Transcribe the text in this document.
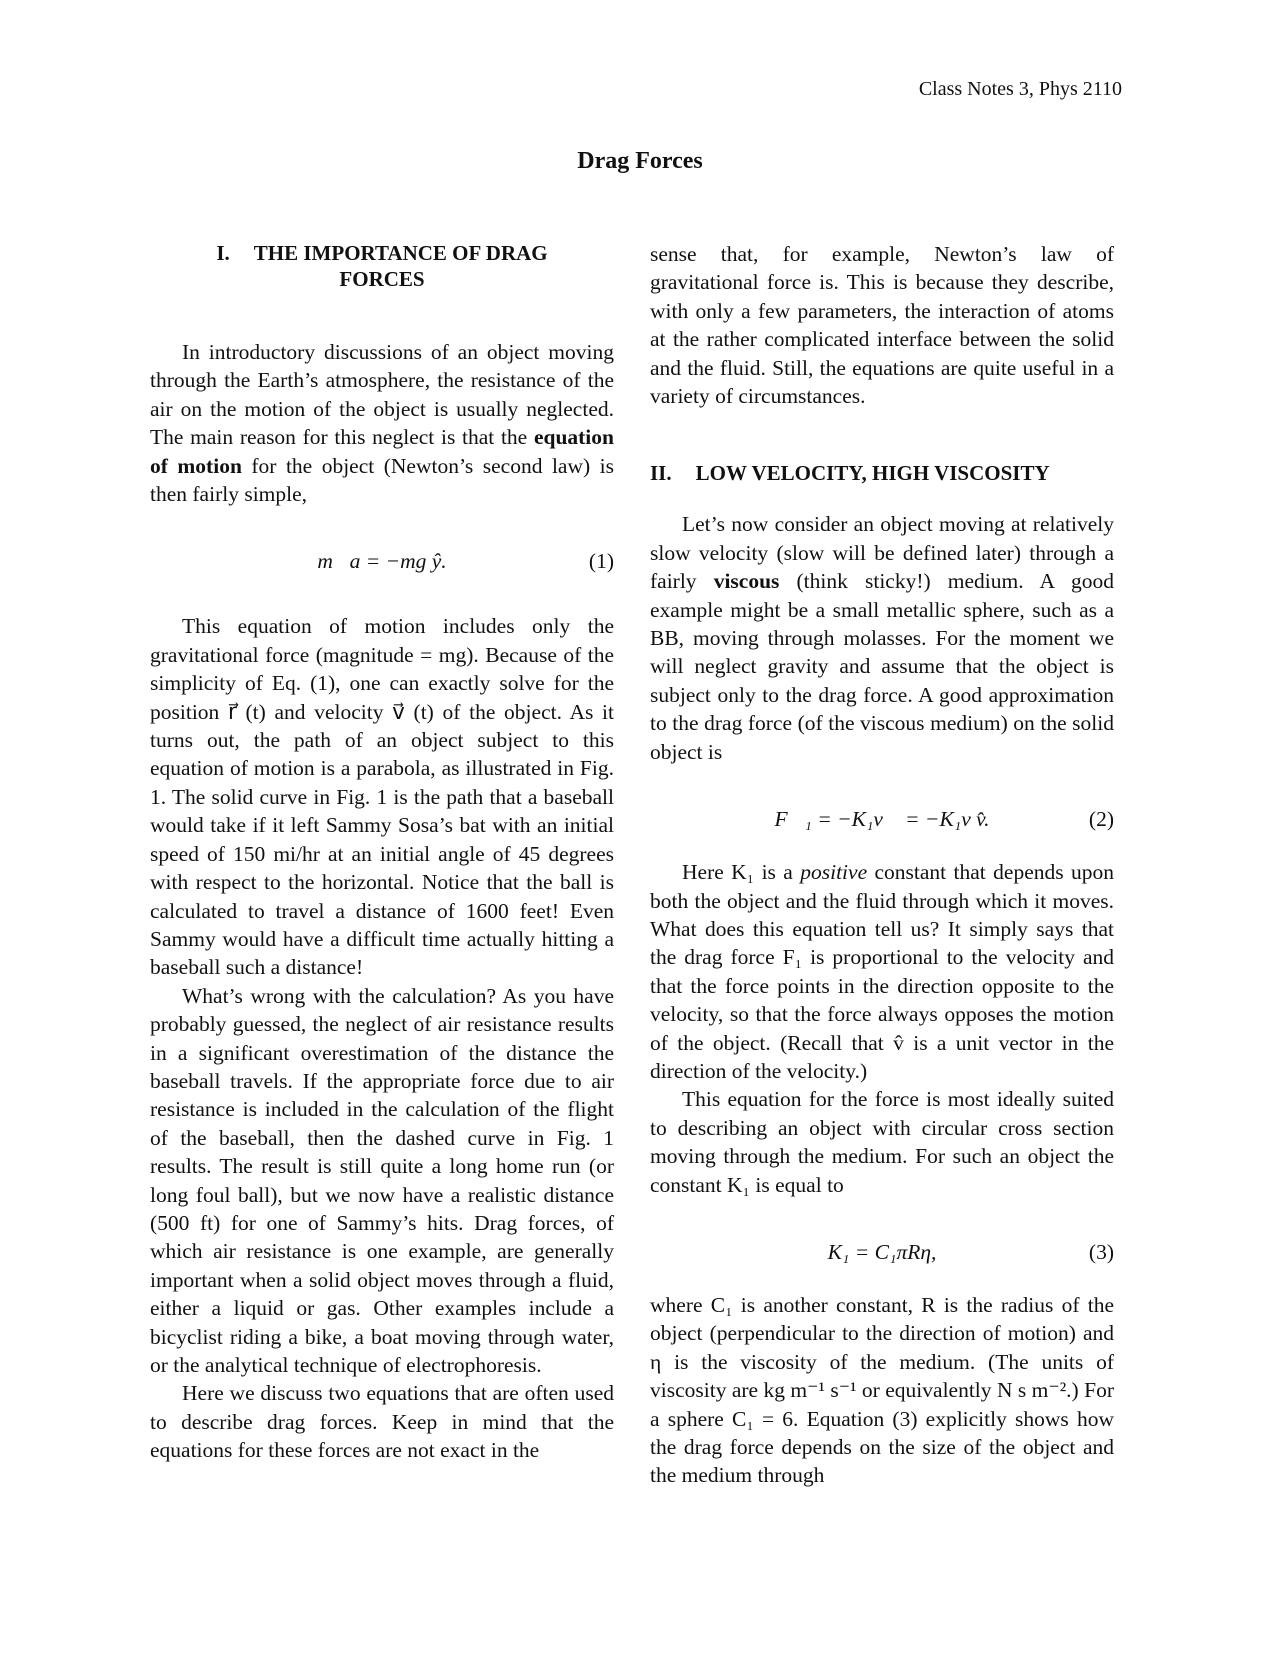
Class Notes 3, Phys 2110
Drag Forces
I. THE IMPORTANCE OF DRAG
FORCES

In introductory discussions of an object moving through the Earth’s atmosphere, the resistance of the air on the motion of the object is usually neglected. The main reason for this neglect is that the equation of motion for the object (Newton’s second law) is then fairly simple,

m⃗a = −mg ŷ.	(1)

This equation of motion includes only the gravitational force (magnitude = mg). Because of the simplicity of Eq. (1), one can exactly solve for the position r⃗ (t) and velocity v⃗ (t) of the object. As it turns out, the path of an object subject to this equation of motion is a parabola, as illustrated in Fig. 1. The solid curve in Fig. 1 is the path that a baseball would take if it left Sammy Sosa’s bat with an initial speed of 150 mi/hr at an initial angle of 45 degrees with respect to the horizontal. Notice that the ball is calculated to travel a distance of 1600 feet! Even Sammy would have a difficult time actually hitting a baseball such a distance!

What’s wrong with the calculation? As you have probably guessed, the neglect of air resistance results in a significant overestimation of the distance the baseball travels. If the appropriate force due to air resistance is included in the calculation of the flight of the baseball, then the dashed curve in Fig. 1 results. The result is still quite a long home run (or long foul ball), but we now have a realistic distance (500 ft) for one of Sammy’s hits. Drag forces, of which air resistance is one example, are generally important when a solid object moves through a fluid, either a liquid or gas. Other examples include a bicyclist riding a bike, a boat moving through water, or the analytical technique of electrophoresis.

Here we discuss two equations that are often used to describe drag forces. Keep in mind that the equations for these forces are not exact in the

sense that, for example, Newton’s law of gravitational force is. This is because they describe, with only a few parameters, the interaction of atoms at the rather complicated interface between the solid and the fluid. Still, the equations are quite useful in a variety of circumstances.

II. LOW VELOCITY, HIGH VISCOSITY

Let’s now consider an object moving at relatively slow velocity (slow will be defined later) through a fairly viscous (think sticky!) medium. A good example might be a small metallic sphere, such as a BB, moving through molasses. For the moment we will neglect gravity and assume that the object is subject only to the drag force. A good approximation to the drag force (of the viscous medium) on the solid object is

F⃗₁ = −K₁v⃗ = −K₁v v̂.	(2)

Here K₁ is a positive constant that depends upon both the object and the fluid through which it moves. What does this equation tell us? It simply says that the drag force F₁ is proportional to the velocity and that the force points in the direction opposite to the velocity, so that the force always opposes the motion of the object. (Recall that v̂ is a unit vector in the direction of the velocity.)

This equation for the force is most ideally suited to describing an object with circular cross section moving through the medium. For such an object the constant K₁ is equal to

K₁ = C₁πRη,	(3)

where C₁ is another constant, R is the radius of the object (perpendicular to the direction of motion) and η is the viscosity of the medium. (The units of viscosity are kg m⁻¹ s⁻¹ or equivalently N s m⁻².) For a sphere C₁ = 6. Equation (3) explicitly shows how the drag force depends on the size of the object and the medium through
